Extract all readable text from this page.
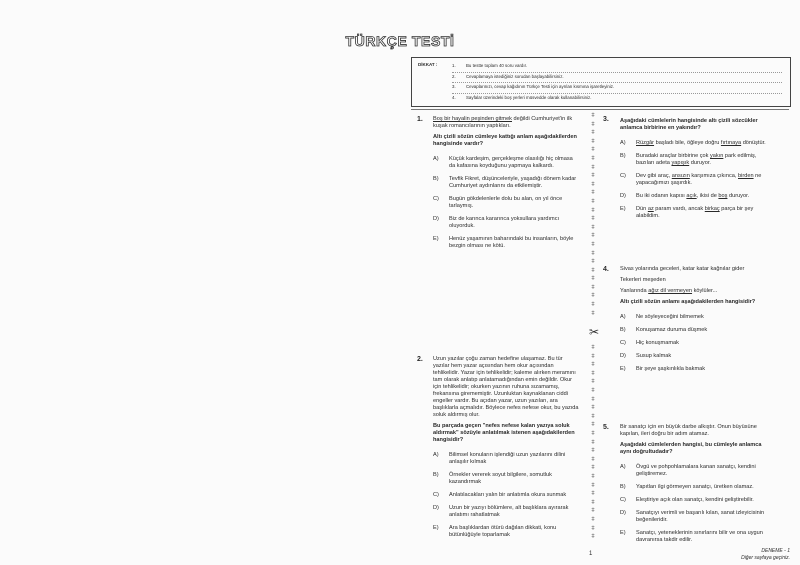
TÜRKÇE TESTİ
DİKKAT :	1. Bu testte toplam 40 soru vardır.
2. Cevaplamaya istediğiniz sorudan başlayabilirsiniz.
3. Cevaplarınızı, cevap kağıdının Türkçe Testi için ayrılan kısmına işaretleyiniz.
4. Sayfalar üzerindeki boş yerleri müsvedde olarak kullanabilirsiniz.
1. Boş bir hayalin peşinden gitmek değildi Cumhuriyet'in ilk kuşak romancılarının yaptıkları.
Altı çizili sözün cümleye kattığı anlam aşağıdakilerden hangisinde vardır?
A) Küçük kardeşim, gerçekleşme olasılığı hiç olmasa da kafasına koyduğunu yapmaya kalkardı.
B) Tevfik Fikret, düşünceleriyle, yaşadığı dönem kadar Cumhuriyet aydınlarını da etkilemiştir.
C) Bugün gökdelenlerle dolu bu alan, on yıl önce tarlaymış.
D) Biz de karınca kararınca yoksullara yardımcı oluyorduk.
E) Henüz yaşamının baharındaki bu insanların, böyle bezgin olması ne kötü.
2. Uzun yazılar çoğu zaman hedefine ulaşamaz. Bu tür yazılar hem yazar açısından hem okur açısından tehlikelidir. Yazar için tehlikelidir; kaleme alırken meramını tam olarak anlatıp anlatamadığından emin değildir. Okur için tehlikelidir; okurken yazının ruhuna sızamamış, frekansına girememiştir. Uzunluktan kaynaklanan ciddi engeller vardır. Bu açıdan yazar, uzun yazıları, ara başlıklarla açmalıdır. Böylece nefes nefese okur, bu yazıda soluk aldırmış olur.
Bu parçada geçen "nefes nefese kalan yazıya soluk aldırmak" sözüyle anlatılmak istenen aşağıdakilerden hangisidir?
A) Bilimsel konuların işlendiği uzun yazılarını dilini anlaşılır kılmak
B) Örnekler vererek soyut bilgilere, somutluk kazandırmak
C) Anlatılacakları yalın bir anlatımla okura sunmak
D) Uzun bir yazıyı bölümlere, alt başlıklara ayırarak anlatımı rahatlatmak
E) Ara başlıklardan ötürü dağılan dikkati, konu bütünlüğüyle toparlamak
ǂ
ǂ
ǂ
ǂ
ǂ
ǂ
ǂ
ǂ
ǂ
ǂ
ǂ
ǂ
ǂ
ǂ
ǂ
ǂ
ǂ
ǂ
ǂ
ǂ
ǂ
ǂ
ǂ
ǂ

ǂ
ǂ
ǂ
ǂ
ǂ
ǂ
ǂ
ǂ
ǂ
ǂ
ǂ
ǂ
ǂ
ǂ
ǂ
ǂ
ǂ
ǂ
ǂ
ǂ
ǂ
ǂ
ǂ
✂
3. Aşağıdaki cümlelerin hangisinde altı çizili sözcükler anlamca birbirine en yakındır?
A) Rüzgâr başladı bile, öğleye doğru fırtınaya dönüştür.
B) Buradaki araçlar birbirine çok yakın park edilmiş, bazıları adeta yapışık duruyor.
C) Dev gibi araç, ansızın karşımıza çıkınca, birden ne yapacağımızı şaşırdık.
D) Bu iki odanın kapısı açık, ikisi de boş duruyor.
E) Dün az param vardı, ancak birkaç parça bir şey alabildim.
4. Sivas yolarında geceleri, katar katar kağnılar gider
Tekerleri meşeden
Yanlarında ağız dil vermeyen köylüler...
Altı çizili sözün anlamı aşağıdakilerden hangisidir?
A) Ne söyleyeceğini bilmemek
B) Konuşamaz duruma düşmek
C) Hiç konuşmamak
D) Susup kalmak
E) Bir şeye şaşkınlıkla bakmak
5. Bir sanatçı için en büyük darbe alkıştır. Onun büyüsüne kapılan, ileri doğru bir adım atamaz.
Aşağıdaki cümlelerden hangisi, bu cümleyle anlamca aynı doğrultudadır?
A) Övgü ve pohpohlamalara kanan sanatçı, kendini geliştiremez.
B) Yapıtları ilgi görmeyen sanatçı, üretken olamaz.
C) Eleştiriye açık olan sanatçı, kendini geliştirebilir.
D) Sanatçıyı verimli ve başarılı kılan, sanat izleyicisinin beğenileridir.
E) Sanatçı, yeteneklerinin sınırlarını bilir ve ona uygun davranırsa takdir edilir.
1	DENEME - 1
Diğer sayfaya geçiniz.
